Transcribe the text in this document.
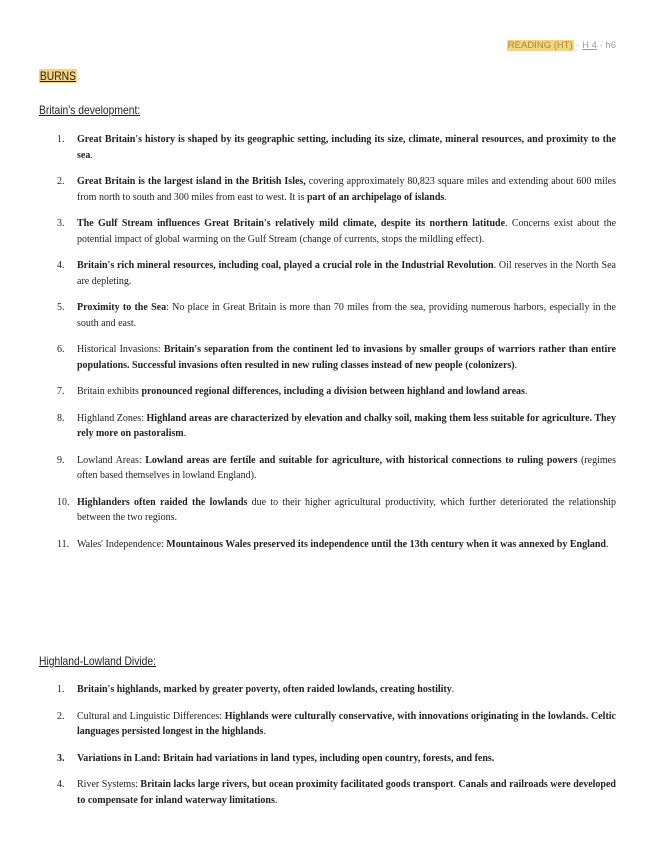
READING (HT) · H 4 · h6
BURNS
Britain's development:
1. Great Britain's history is shaped by its geographic setting, including its size, climate, mineral resources, and proximity to the sea.
2. Great Britain is the largest island in the British Isles, covering approximately 80,823 square miles and extending about 600 miles from north to south and 300 miles from east to west. It is part of an archipelago of islands.
3. The Gulf Stream influences Great Britain's relatively mild climate, despite its northern latitude. Concerns exist about the potential impact of global warming on the Gulf Stream (change of currents, stops the mildling effect).
4. Britain's rich mineral resources, including coal, played a crucial role in the Industrial Revolution. Oil reserves in the North Sea are depleting.
5. Proximity to the Sea: No place in Great Britain is more than 70 miles from the sea, providing numerous harbors, especially in the south and east.
6. Historical Invasions: Britain's separation from the continent led to invasions by smaller groups of warriors rather than entire populations. Successful invasions often resulted in new ruling classes instead of new people (colonizers).
7. Britain exhibits pronounced regional differences, including a division between highland and lowland areas.
8. Highland Zones: Highland areas are characterized by elevation and chalky soil, making them less suitable for agriculture. They rely more on pastoralism.
9. Lowland Areas: Lowland areas are fertile and suitable for agriculture, with historical connections to ruling powers (regimes often based themselves in lowland England).
10. Highlanders often raided the lowlands due to their higher agricultural productivity, which further deteriorated the relationship between the two regions.
11. Wales' Independence: Mountainous Wales preserved its independence until the 13th century when it was annexed by England.
Highland-Lowland Divide:
1. Britain's highlands, marked by greater poverty, often raided lowlands, creating hostility.
2. Cultural and Linguistic Differences: Highlands were culturally conservative, with innovations originating in the lowlands. Celtic languages persisted longest in the highlands.
3. Variations in Land: Britain had variations in land types, including open country, forests, and fens.
4. River Systems: Britain lacks large rivers, but ocean proximity facilitated goods transport. Canals and railroads were developed to compensate for inland waterway limitations.
